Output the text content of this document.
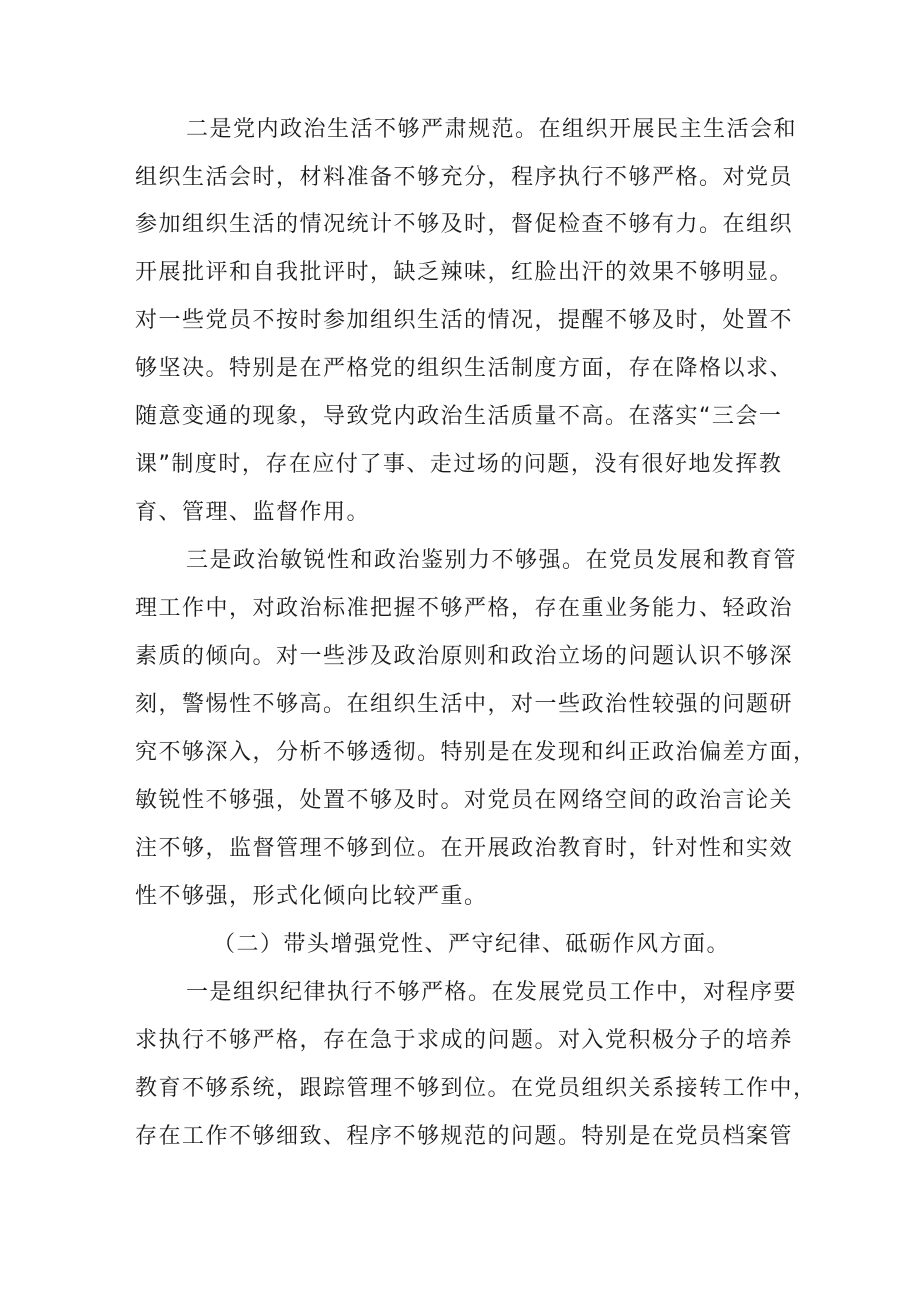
二是党内政治生活不够严肃规范。在组织开展民主生活会和
组织生活会时，材料准备不够充分，程序执行不够严格。对党员
参加组织生活的情况统计不够及时，督促检查不够有力。在组织
开展批评和自我批评时，缺乏辣味，红脸出汗的效果不够明显。
对一些党员不按时参加组织生活的情况，提醒不够及时，处置不
够坚决。特别是在严格党的组织生活制度方面，存在降格以求、
随意变通的现象，导致党内政治生活质量不高。在落实“三会一
课”制度时，存在应付了事、走过场的问题，没有很好地发挥教
育、管理、监督作用。
三是政治敏锐性和政治鉴别力不够强。在党员发展和教育管
理工作中，对政治标准把握不够严格，存在重业务能力、轻政治
素质的倾向。对一些涉及政治原则和政治立场的问题认识不够深
刻，警惕性不够高。在组织生活中，对一些政治性较强的问题研
究不够深入，分析不够透彻。特别是在发现和纠正政治偏差方面，
敏锐性不够强，处置不够及时。对党员在网络空间的政治言论关
注不够，监督管理不够到位。在开展政治教育时，针对性和实效
性不够强，形式化倾向比较严重。
（二）带头增强党性、严守纪律、砥砺作风方面。
一是组织纪律执行不够严格。在发展党员工作中，对程序要
求执行不够严格，存在急于求成的问题。对入党积极分子的培养
教育不够系统，跟踪管理不够到位。在党员组织关系接转工作中，
存在工作不够细致、程序不够规范的问题。特别是在党员档案管
